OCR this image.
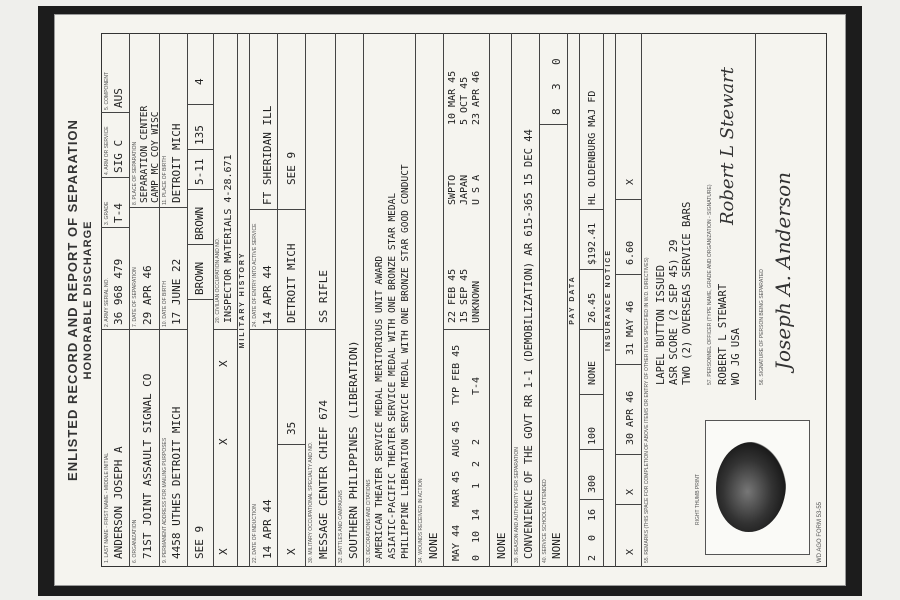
ENLISTED RECORD AND REPORT OF SEPARATION HONORABLE DISCHARGE
1. LAST NAME - FIRST NAME - MIDDLE INITIAL
2. ARMY SERIAL NO.
3. GRADE
4. ARM OR SERVICE
5. COMPONENT
ANDERSON JOSEPH A
36 968 479
T-4
SIG C
AUS
6. ORGANIZATION
7. DATE OF SEPARATION
8. PLACE OF SEPARATION
71ST JOINT ASSAULT SIGNAL CO
29 APR 46
SEPARATION CENTER
CAMP MC COY WISC
9. PERMANENT ADDRESS FOR MAILING PURPOSES
10. DATE OF BIRTH
11. PLACE OF BIRTH
4458 UTHES DETROIT MICH
17 JUNE 22
DETROIT MICH
SEE 9
BROWN
BROWN
5-11
135
4
X
X
X
20. CIVILIAN OCCUPATION AND NO. INSPECTOR MATERIALS 4-28.671 MILITARY HISTORY
22. DATE OF INDUCTION
24. DATE OF ENTRY INTO ACTIVE SERVICE
14 APR 44
14 APR 44
FT SHERIDAN ILL
X
35
DETROIT MICH
SEE 9
30. MILITARY OCCUPATIONAL SPECIALTY AND NO. MESSAGE CENTER CHIEF 674
SS RIFLE
32. BATTLES AND CAMPAIGNS SOUTHERN PHILIPPINES (LIBERATION) 33. DECORATIONS AND CITATIONS AMERICAN THEATER SERVICE MEDAL MERITORIOUS UNIT AWARD ASIATIC-PACIFIC THEATER SERVICE MEDAL WITH ONE BRONZE STAR MEDAL PHILIPPINE LIBERATION SERVICE MEDAL WITH ONE BRONZE STAR GOOD CONDUCT 34. WOUNDS RECEIVED IN ACTION NONE MAY 44
MAR 45
AUG 45
TYP FEB 45
22 FEB 45 15 SEP 45 UNKNOWN
SWPTO JAPAN U S A
10 MAR 45 5 OCT 45 23 APR 46
0
10
14
1
2
2
T-4
NONE 39. REASON AND AUTHORITY FOR SEPARATION CONVENIENCE OF THE GOVT RR 1-1 (DEMOBILIZATION) AR 615-365 15 DEC 44 40. SERVICE SCHOOLS ATTENDED NONE
8
3
0
PAY DATA
2
0
16
300
100
NONE
26.45
$192.41
HL OLDENBURG MAJ FD
INSURANCE NOTICE
X
X
30 APR 46
31 MAY 46
6.60
X
55. REMARKS (THIS SPACE FOR COMPLETION OF ABOVE ITEMS OR ENTRY OF OTHER ITEMS SPECIFIED IN W.D. DIRECTIVES) LAPEL BUTTON ISSUED ASR SCORE (2 SEP 45) 29 TWO (2) OVERSEAS SERVICE BARS
RIGHT THUMB PRINT
57. PERSONNEL OFFICER (TYPE NAME, GRADE AND ORGANIZATION - SIGNATURE) ROBERT L STEWART
WO JG USA
Robert L Stewart
56. SIGNATURE OF PERSON BEING SEPARATED Joseph A. Anderson
WD AGO FORM 53-55
